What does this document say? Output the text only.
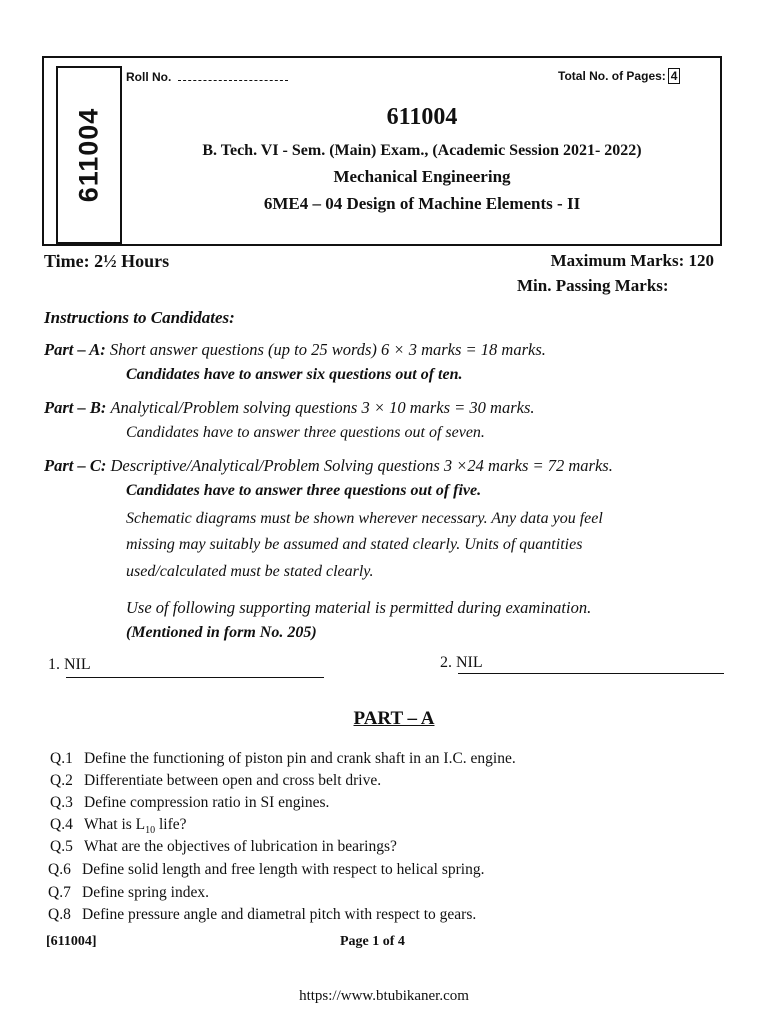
611004
Roll No.	Total No. of Pages: 4
611004
B. Tech. VI - Sem. (Main) Exam., (Academic Session 2021- 2022)
Mechanical Engineering
6ME4 – 04 Design of Machine Elements - II
Time: 2½ Hours	Maximum Marks: 120
Min. Passing Marks:
Instructions to Candidates:
Part – A: Short answer questions (up to 25 words) 6 × 3 marks = 18 marks.
Candidates have to answer six questions out of ten.
Part – B: Analytical/Problem solving questions 3 × 10 marks = 30 marks.
Candidates have to answer three questions out of seven.
Part – C: Descriptive/Analytical/Problem Solving questions 3 ×24 marks = 72 marks.
Candidates have to answer three questions out of five.
Schematic diagrams must be shown wherever necessary. Any data you feel
missing may suitably be assumed and stated clearly. Units of quantities
used/calculated must be stated clearly.
Use of following supporting material is permitted during examination.
(Mentioned in form No. 205)
1. NIL	2. NIL
PART – A
Q.1 Define the functioning of piston pin and crank shaft in an I.C. engine.
Q.2 Differentiate between open and cross belt drive.
Q.3 Define compression ratio in SI engines.
Q.4 What is $L_{10}$ life?
Q.5 What are the objectives of lubrication in bearings?
Q.6 Define solid length and free length with respect to helical spring.
Q.7 Define spring index.
Q.8 Define pressure angle and diametral pitch with respect to gears.
[611004]	Page 1 of 4
https://www.btubikaner.com
